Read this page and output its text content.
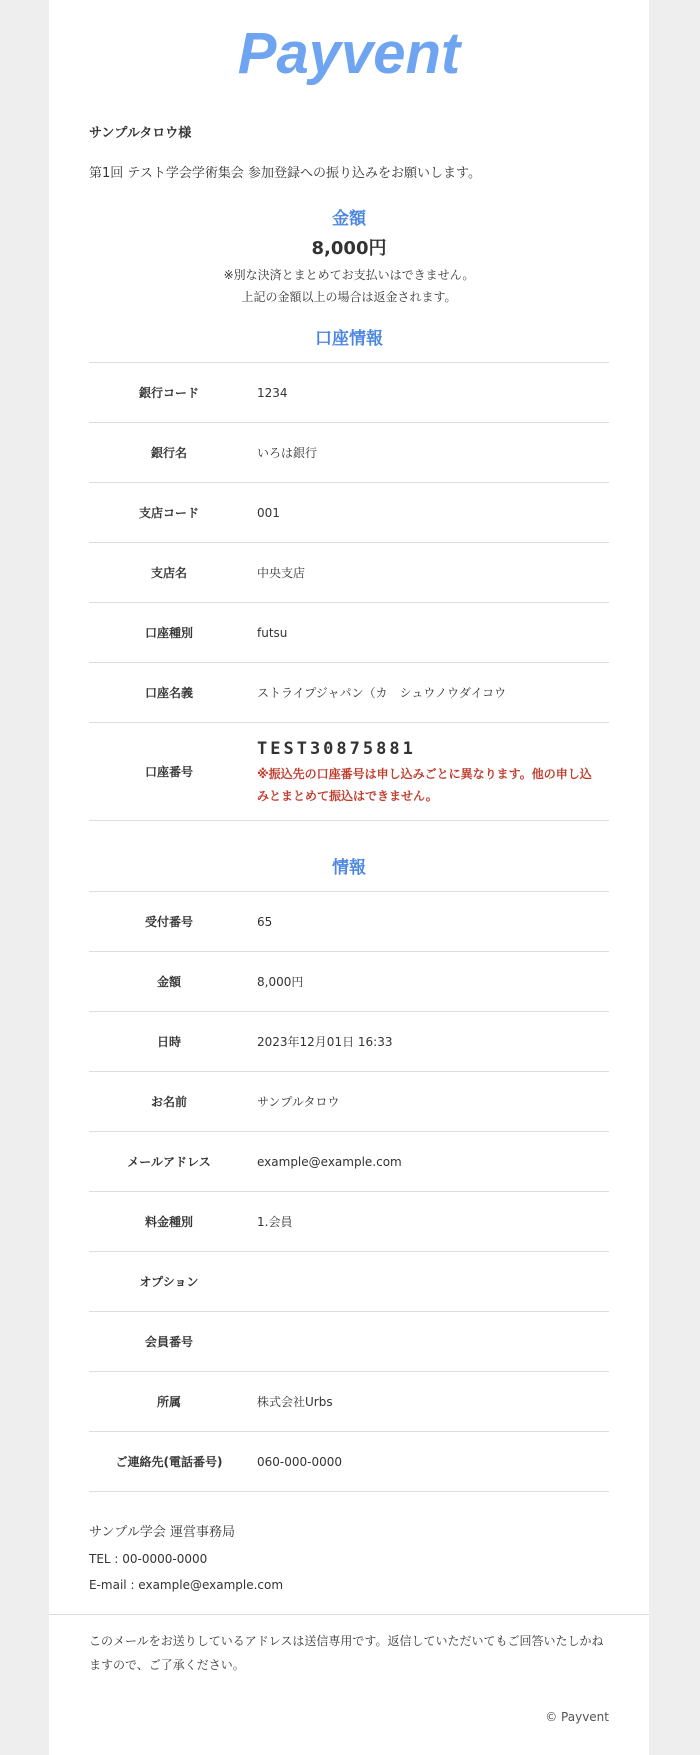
Payvent
サンプルタロウ様
第1回 テスト学会学術集会 参加登録への振り込みをお願いします。
金額
8,000円
※別な決済とまとめてお支払いはできません。
上記の金額以上の場合は返金されます。
口座情報
銀行コード	1234
銀行名	いろは銀行
支店コード	001
支店名	中央支店
口座種別	futsu
口座名義	ストライプジャパン（カ　シュウノウダイコウ
口座番号	TEST30875881
※振込先の口座番号は申し込みごとに異なります。他の申し込みとまとめて振込はできません。
情報
受付番号	65
金額	8,000円
日時	2023年12月01日 16:33
お名前	サンプルタロウ
メールアドレス	example@example.com
料金種別	1.会員
オプション	
会員番号	
所属	株式会社Urbs
ご連絡先(電話番号)	060-000-0000
サンプル学会 運営事務局
TEL : 00-0000-0000
E-mail : example@example.com
このメールをお送りしているアドレスは送信専用です。返信していただいてもご回答いたしかねますので、ご了承ください。
© Payvent
